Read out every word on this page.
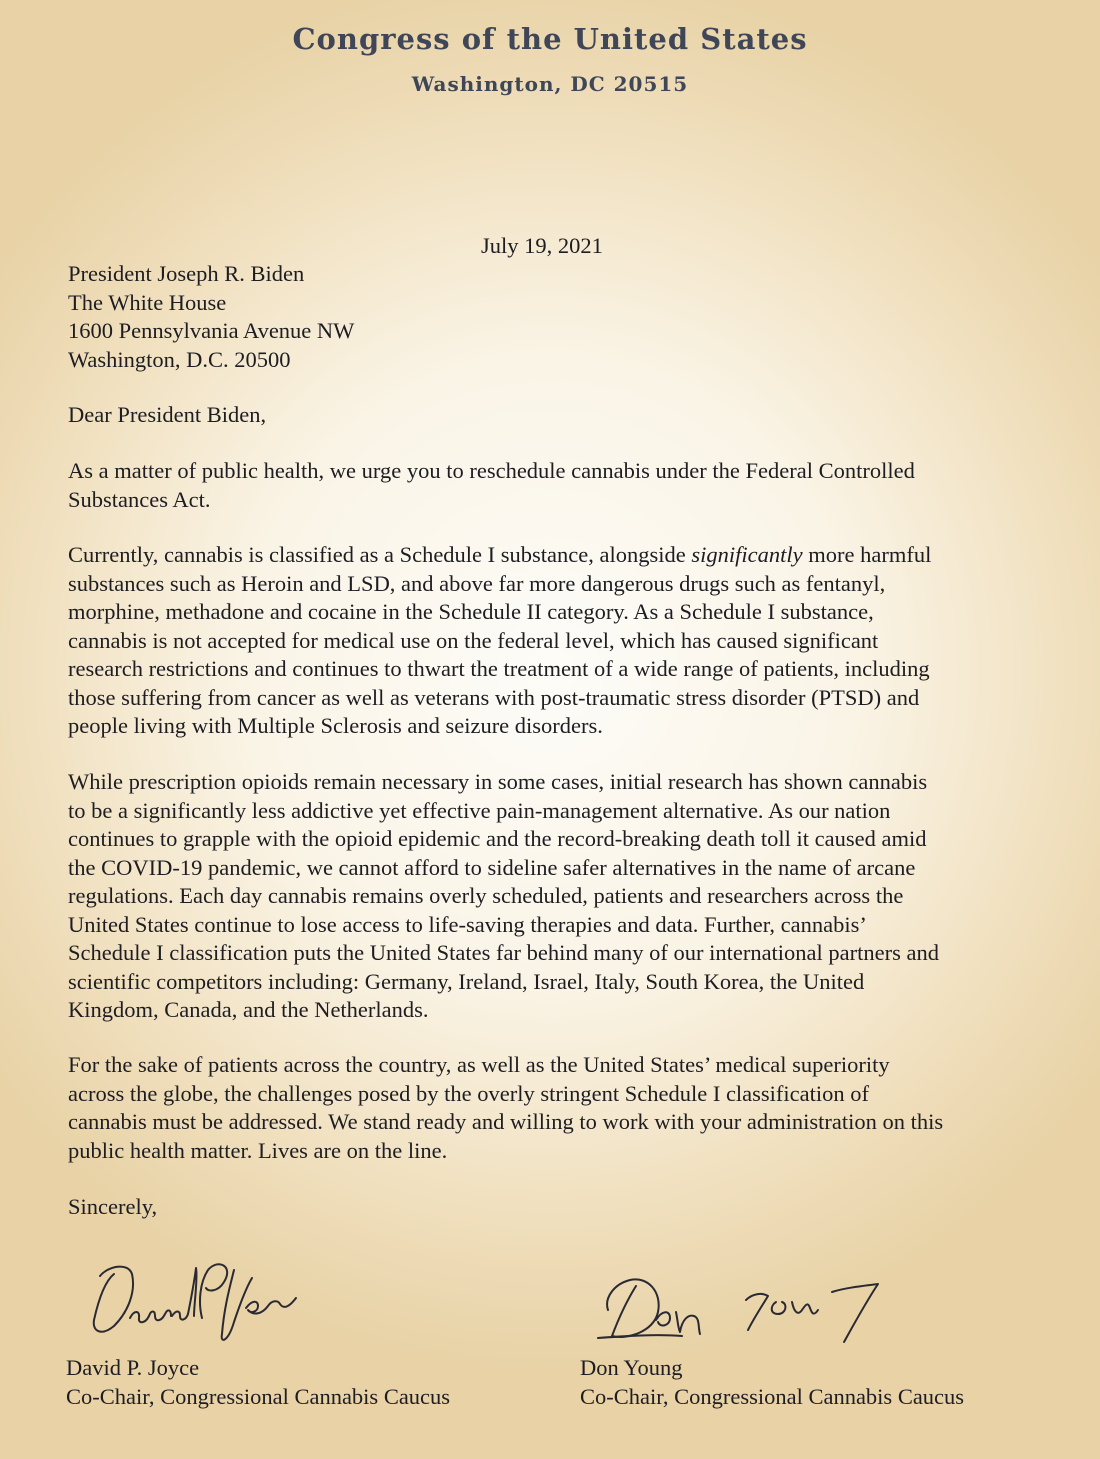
Congress of the United States
Washington, DC 20515
July 19, 2021
President Joseph R. Biden
The White House
1600 Pennsylvania Avenue NW
Washington, D.C. 20500
Dear President Biden,
As a matter of public health, we urge you to reschedule cannabis under the Federal Controlled
Substances Act.
Currently, cannabis is classified as a Schedule I substance, alongside significantly more harmful
substances such as Heroin and LSD, and above far more dangerous drugs such as fentanyl,
morphine, methadone and cocaine in the Schedule II category. As a Schedule I substance,
cannabis is not accepted for medical use on the federal level, which has caused significant
research restrictions and continues to thwart the treatment of a wide range of patients, including
those suffering from cancer as well as veterans with post-traumatic stress disorder (PTSD) and
people living with Multiple Sclerosis and seizure disorders.
While prescription opioids remain necessary in some cases, initial research has shown cannabis
to be a significantly less addictive yet effective pain-management alternative. As our nation
continues to grapple with the opioid epidemic and the record-breaking death toll it caused amid
the COVID-19 pandemic, we cannot afford to sideline safer alternatives in the name of arcane
regulations. Each day cannabis remains overly scheduled, patients and researchers across the
United States continue to lose access to life-saving therapies and data. Further, cannabis’
Schedule I classification puts the United States far behind many of our international partners and
scientific competitors including: Germany, Ireland, Israel, Italy, South Korea, the United
Kingdom, Canada, and the Netherlands.
For the sake of patients across the country, as well as the United States’ medical superiority
across the globe, the challenges posed by the overly stringent Schedule I classification of
cannabis must be addressed. We stand ready and willing to work with your administration on this
public health matter. Lives are on the line.
Sincerely,
David P. Joyce
Co-Chair, Congressional Cannabis Caucus
Don Young
Co-Chair, Congressional Cannabis Caucus
